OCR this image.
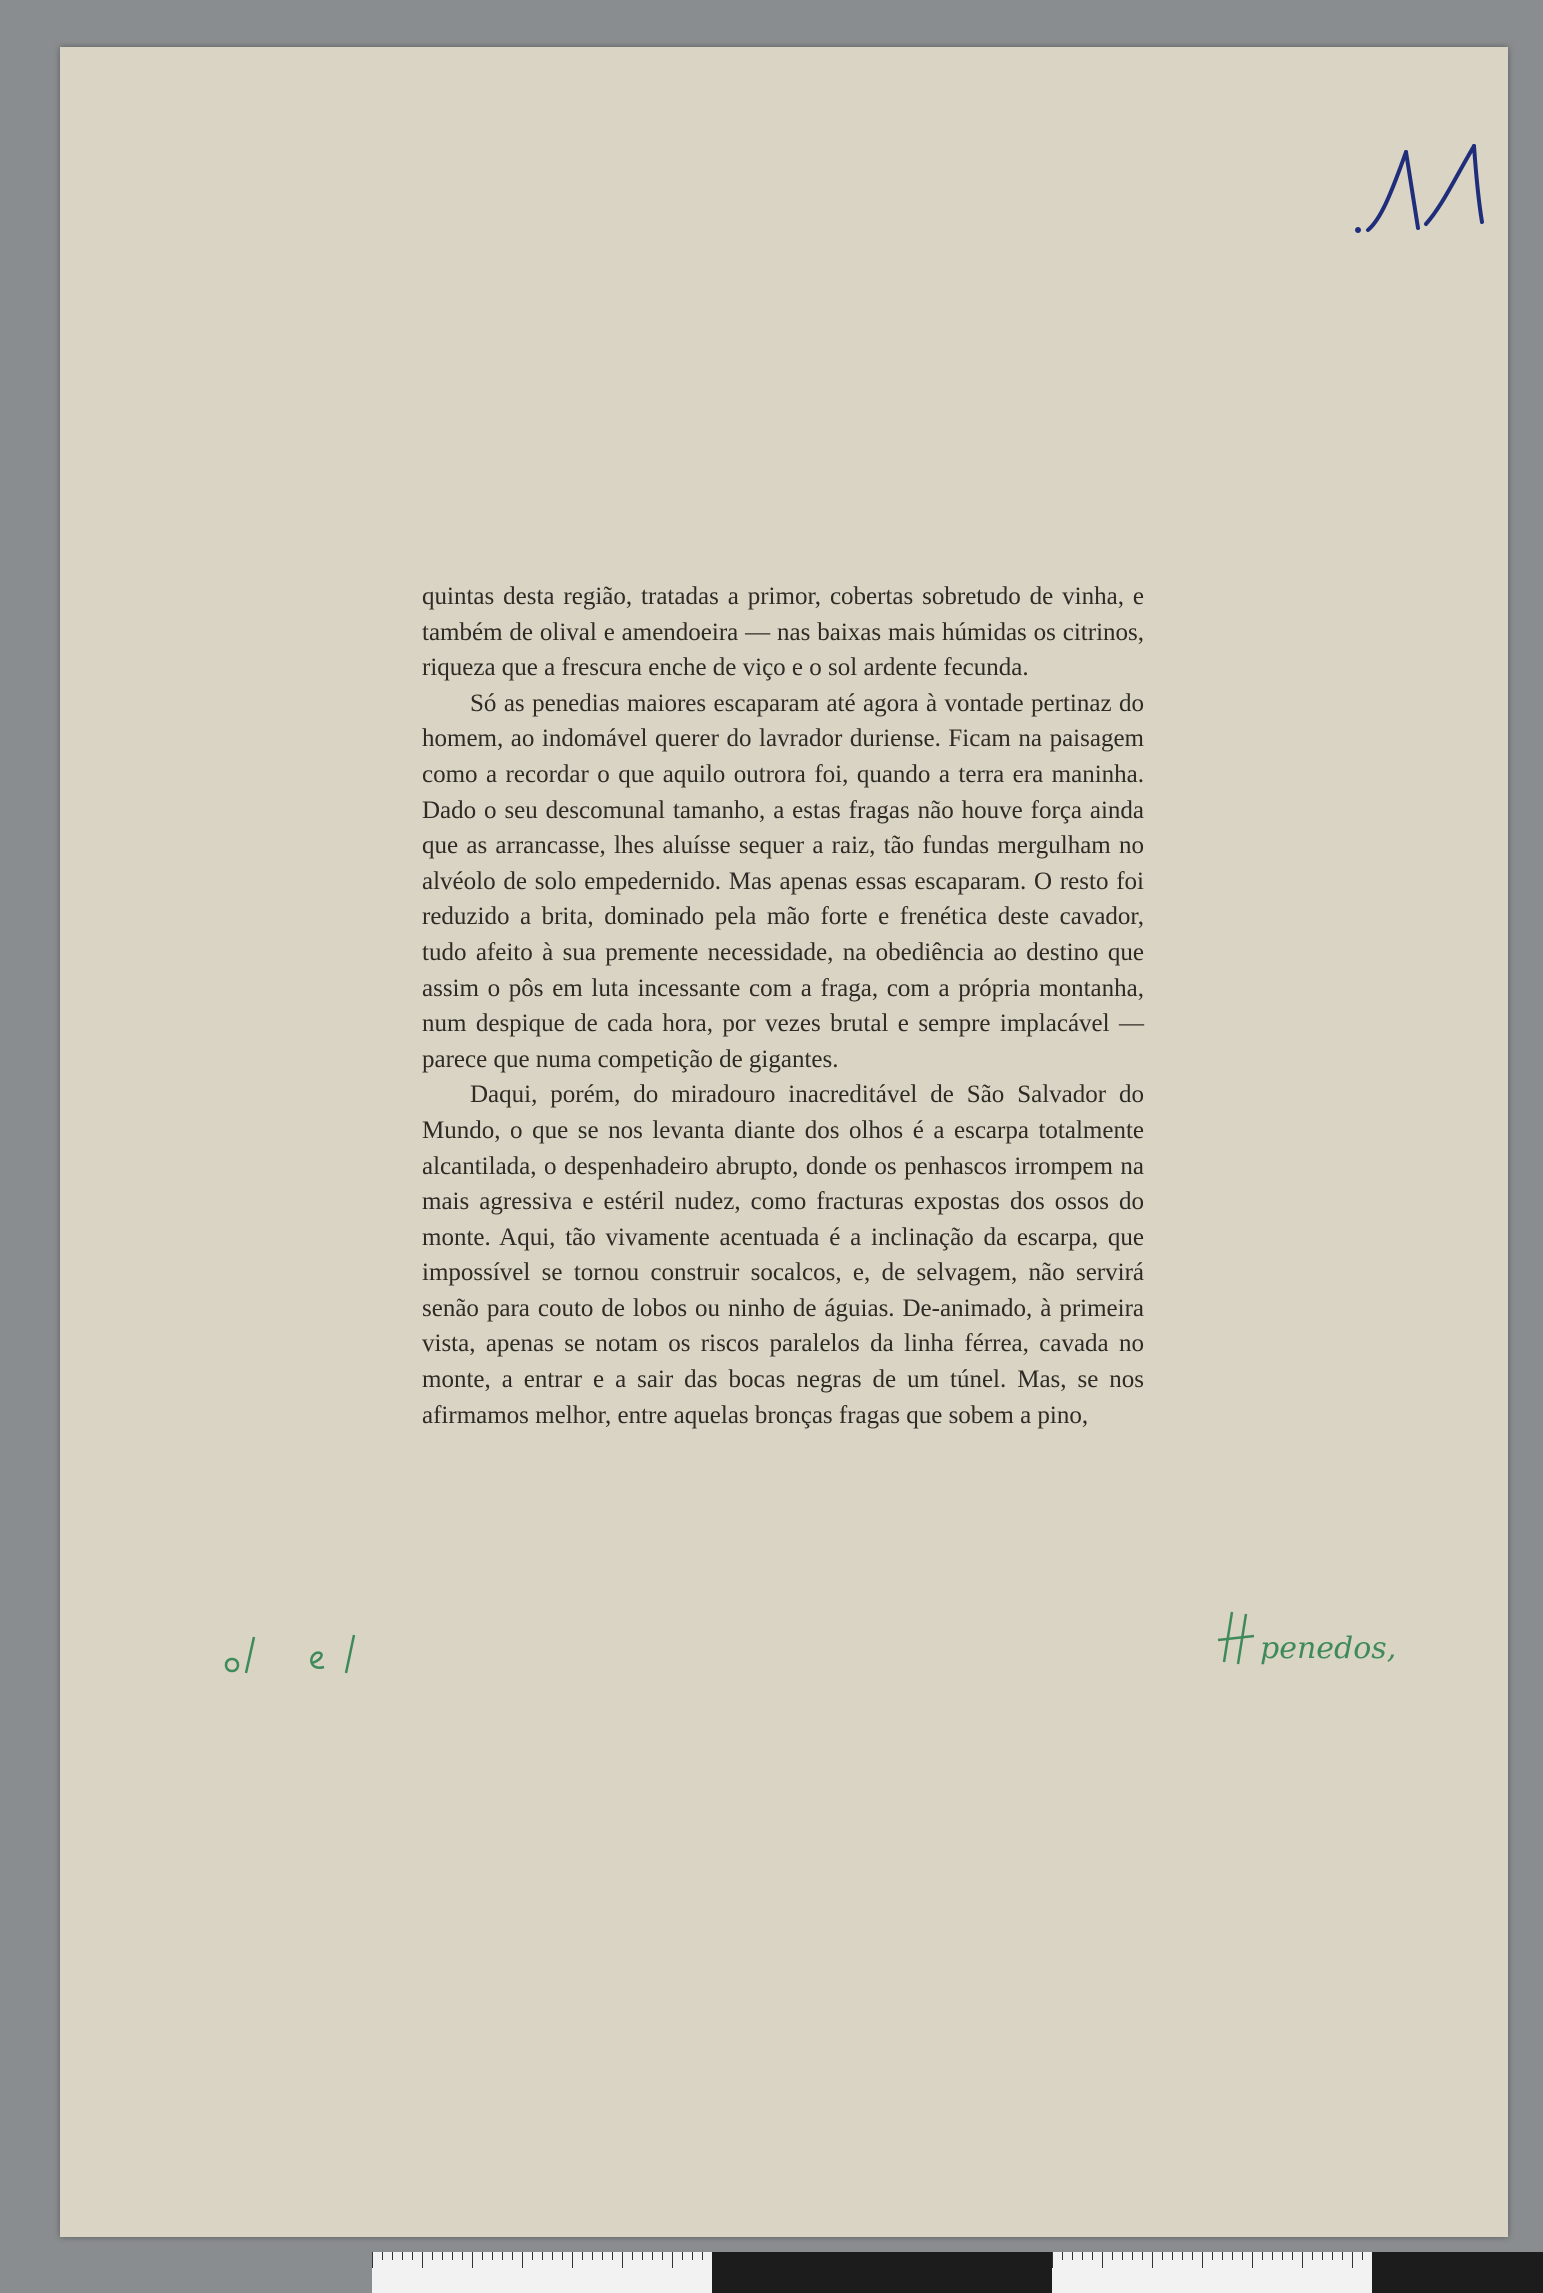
quintas desta região, tratadas a primor, cobertas sobretudo de vinha, e também de olival e amendoeira — nas baixas mais húmidas os citrinos, riqueza que a frescura enche de viço e o sol ardente fecunda.

Só as penedias maiores escaparam até agora à vontade pertinaz do homem, ao indomável querer do lavrador duriense. Ficam na paisagem como a recordar o que aquilo outrora foi, quando a terra era maninha. Dado o seu descomunal tamanho, a estas fragas não houve força ainda que as arrancasse, lhes aluísse sequer a raiz, tão fundas mergulham no alvéolo de solo empedernido. Mas apenas essas escaparam. O resto foi reduzido a brita, dominado pela mão forte e frenética deste cavador, tudo afeito à sua premente necessidade, na obediência ao destino que assim o pôs em luta incessante com a fraga, com a própria montanha, num despique de cada hora, por vezes brutal e sempre implacável — parece que numa competição de gigantes.

Daqui, porém, do miradouro inacreditável de São Salvador do Mundo, o que se nos levanta diante dos olhos é a escarpa totalmente alcantilada, o despenhadeiro abrupto, donde os penhascos irrompem na mais agressiva e estéril nudez, como fracturas expostas dos ossos do monte. Aqui, tão vivamente acentuada é a inclinação da escarpa, que impossível se tornou construir socalcos, e, de selvagem, não servirá senão para couto de lobos ou ninho de águias. De-animado, à primeira vista, apenas se notam os riscos paralelos da linha férrea, cavada no monte, a entrar e a sair das bocas negras de um túnel. Mas, se nos afirmamos melhor, entre aquelas bronças fragas que sobem a pino,

penedos,
